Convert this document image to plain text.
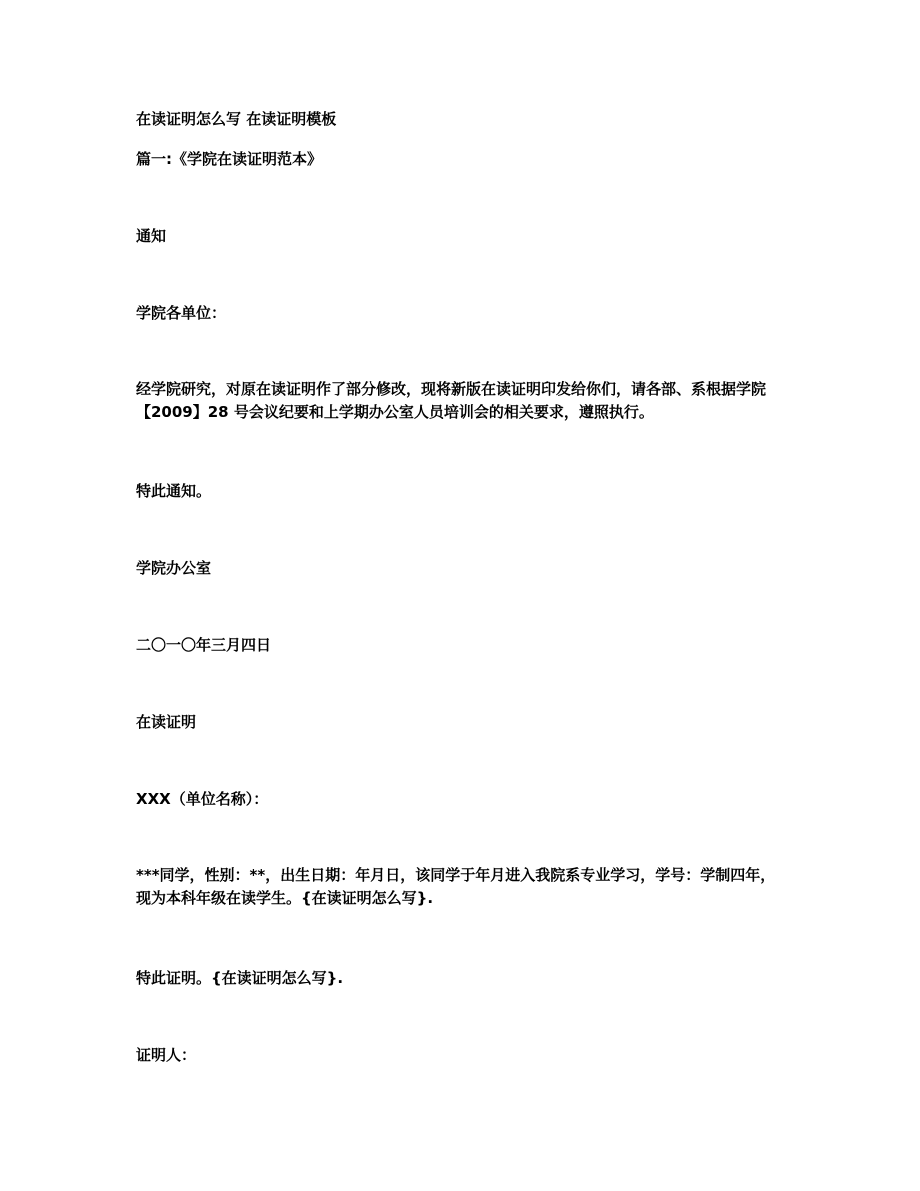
在读证明怎么写 在读证明模板

篇一:《学院在读证明范本》

通知

学院各单位：

经学院研究，对原在读证明作了部分修改，现将新版在读证明印发给你们，请各部、系根据学院【2009】28 号会议纪要和上学期办公室人员培训会的相关要求，遵照执行。

特此通知。

学院办公室

二〇一〇年三月四日

在读证明

XXX（单位名称）：

***同学，性别：**，出生日期：年月日，该同学于年月进入我院系专业学习，学号：学制四年，现为本科年级在读学生。{在读证明怎么写}.

特此证明。{在读证明怎么写}.

证明人：
